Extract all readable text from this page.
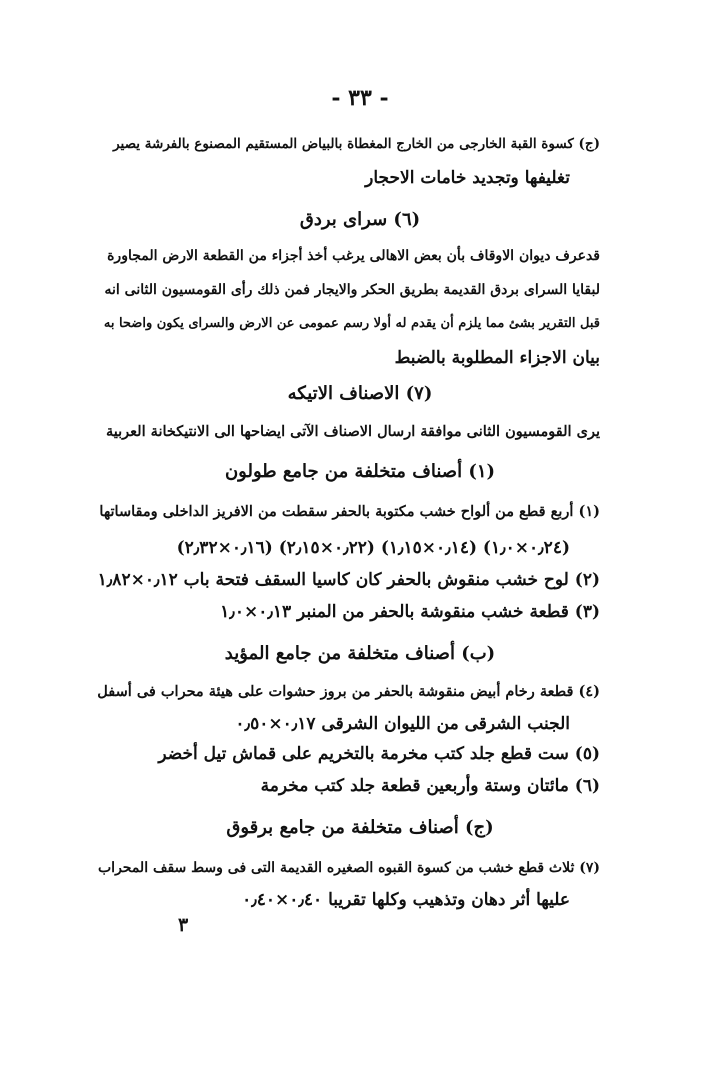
- ٣٣ -
(ج) كسوة القبة الخارجى من الخارج المغطاة بالبياض المستقيم المصنوع بالفرشة يصير
تغليفها وتجديد خامات الاحجار
(٦) سراى بردق
قدعرف ديوان الاوقاف بأن بعض الاهالى يرغب أخذ أجزاء من القطعة الارض المجاورة
لبقايا السراى بردق القديمة بطريق الحكر والايجار فمن ذلك رأى القومسيون الثانى انه
قبل التقرير بشئ مما يلزم أن يقدم له أولا رسم عمومى عن الارض والسراى يكون واضحا به
بيان الاجزاء المطلوبة بالضبط
(٧) الاصناف الاتيكه
يرى القومسيون الثانى موافقة ارسال الاصناف الآتى ايضاحها الى الانتيكخانة العربية
(١) أصناف متخلفة من جامع طولون
(١) أربع قطع من ألواح خشب مكتوبة بالحفر سقطت من الافريز الداخلى ومقاساتها
(٠٫٢٤×١٫٠) (٠٫١٤×١٫١٥) (٠٫٢٢×٢٫١٥) (٠٫١٦×٢٫٣٢)
(٢) لوح خشب منقوش بالحفر كان كاسيا السقف فتحة باب ٠٫١٢×١٫٨٢
(٣) قطعة خشب منقوشة بالحفر من المنبر ٠٫١٣×١٫٠
(ب) أصناف متخلفة من جامع المؤيد
(٤) قطعة رخام أبيض منقوشة بالحفر من بروز حشوات على هيئة محراب فى أسفل
الجنب الشرقى من الليوان الشرقى ٠٫١٧×٠٫٥٠
(٥) ست قطع جلد كتب مخرمة بالتخريم على قماش تيل أخضر
(٦) مائتان وستة وأربعين قطعة جلد كتب مخرمة
(ج) أصناف متخلفة من جامع برقوق
(٧) ثلاث قطع خشب من كسوة القبوه الصغيره القديمة التى فى وسط سقف المحراب
عليها أثر دهان وتذهيب وكلها تقريبا ٠٫٤٠×٠٫٤٠
٣
